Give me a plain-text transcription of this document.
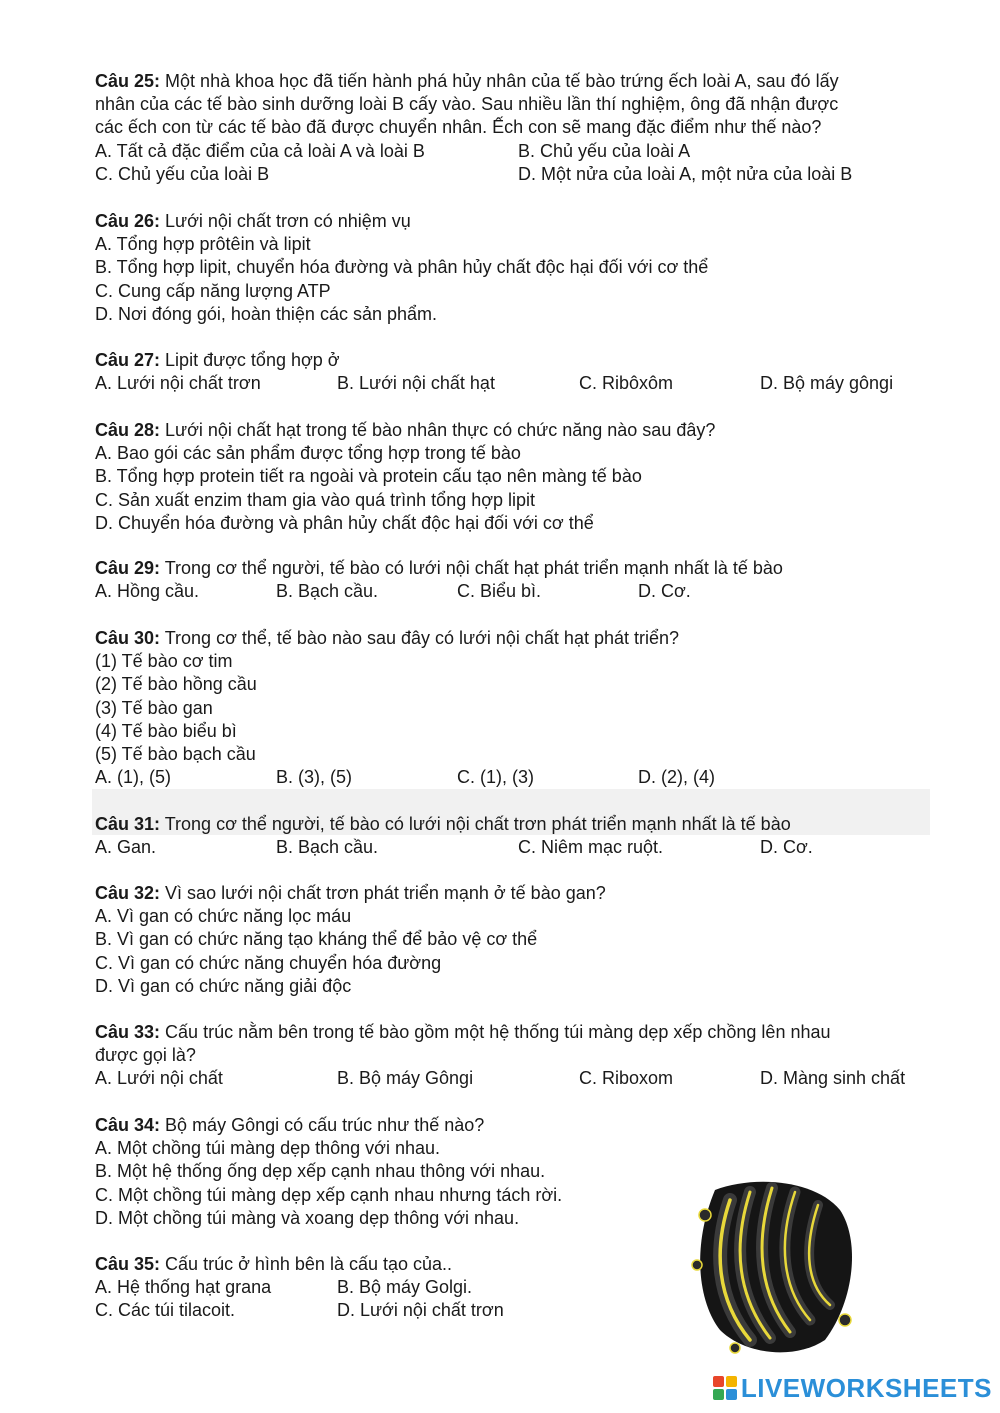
Câu 25: Một nhà khoa học đã tiến hành phá hủy nhân của tế bào trứng ếch loài A, sau đó lấy
nhân của các tế bào sinh dưỡng loài B cấy vào. Sau nhiều lần thí nghiệm, ông đã nhận được
các ếch con từ các tế bào đã được chuyển nhân. Ếch con sẽ mang đặc điểm như thế nào?
A. Tất cả đặc điểm của cả loài A và loài B	B. Chủ yếu của loài A
C. Chủ yếu của loài B	D. Một nửa của loài A, một nửa của loài B
Câu 26: Lưới nội chất trơn có nhiệm vụ
A. Tổng hợp prôtêin và lipit
B. Tổng hợp lipit, chuyển hóa đường và phân hủy chất độc hại đối với cơ thể
C. Cung cấp năng lượng ATP
D. Nơi đóng gói, hoàn thiện các sản phẩm.
Câu 27: Lipit được tổng hợp ở
A. Lưới nội chất trơn	B. Lưới nội chất hạt	C. Ribôxôm	D. Bộ máy gôngi
Câu 28: Lưới nội chất hạt trong tế bào nhân thực có chức năng nào sau đây?
A. Bao gói các sản phẩm được tổng hợp trong tế bào
B. Tổng hợp protein tiết ra ngoài và protein cấu tạo nên màng tế bào
C. Sản xuất enzim tham gia vào quá trình tổng hợp lipit
D. Chuyển hóa đường và phân hủy chất độc hại đối với cơ thể
Câu 29: Trong cơ thể người, tế bào có lưới nội chất hạt phát triển mạnh nhất là tế bào
A. Hồng cầu.	B. Bạch cầu.	C. Biểu bì.	D. Cơ.
Câu 30: Trong cơ thể, tế bào nào sau đây có lưới nội chất hạt phát triển?
(1) Tế bào cơ tim
(2) Tế bào hồng cầu
(3) Tế bào gan
(4) Tế bào biểu bì
(5) Tế bào bạch cầu
A. (1), (5)	B. (3), (5)	C. (1), (3)	D. (2), (4)
Câu 31: Trong cơ thể người, tế bào có lưới nội chất trơn phát triển mạnh nhất là tế bào
A. Gan.	B. Bạch cầu.	C. Niêm mạc ruột.	D. Cơ.
Câu 32: Vì sao lưới nội chất trơn phát triển mạnh ở tế bào gan?
A. Vì gan có chức năng lọc máu
B. Vì gan có chức năng tạo kháng thể để bảo vệ cơ thể
C. Vì gan có chức năng chuyển hóa đường
D. Vì gan có chức năng giải độc
Câu 33: Cấu trúc nằm bên trong tế bào gồm một hệ thống túi màng dẹp xếp chồng lên nhau
được gọi là?
A. Lưới nội chất	B. Bộ máy Gôngi	C. Riboxom	D. Màng sinh chất
Câu 34: Bộ máy Gôngi có cấu trúc như thế nào?
A. Một chồng túi màng dẹp thông với nhau.
B. Một hệ thống ống dẹp xếp cạnh nhau thông với nhau.
C. Một chồng túi màng dẹp xếp cạnh nhau nhưng tách rời.
D. Một chồng túi màng và xoang dẹp thông với nhau.
Câu 35: Cấu trúc ở hình bên là cấu tạo của..
A. Hệ thống hạt grana	B. Bộ máy Golgi.
C. Các túi tilacoit.	D. Lưới nội chất trơn
LIVEWORKSHEETS
